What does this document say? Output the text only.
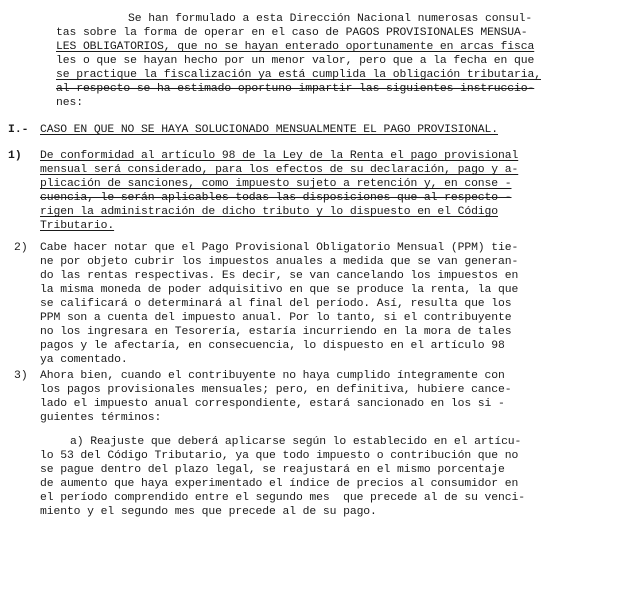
Se han formulado a esta Dirección Nacional numerosas consul-
tas sobre la forma de operar en el caso de PAGOS PROVISIONALES MENSUA-
LES OBLIGATORIOS, que no se hayan enterado oportunamente en arcas fisca
les o que se hayan hecho por un menor valor, pero que a la fecha en que
se practique la fiscalización ya está cumplida la obligación tributaria,
al respecto se ha estimado oportuno impartir las siguientes instruccio-
nes:
I.- CASO EN QUE NO SE HAYA SOLUCIONADO MENSUALMENTE EL PAGO PROVISIONAL.
1) De conformidad al artículo 98 de la Ley de la Renta el pago provisional
mensual será considerado, para los efectos de su declaración, pago y a-
plicación de sanciones, como impuesto sujeto a retención y, en conse -
cuencia, le serán aplicables todas las disposiciones que al respecto -
rigen la administración de dicho tributo y lo dispuesto en el Código
Tributario.
2) Cabe hacer notar que el Pago Provisional Obligatorio Mensual (PPM) tie-
ne por objeto cubrir los impuestos anuales a medida que se van generan-
do las rentas respectivas. Es decir, se van cancelando los impuestos en
la misma moneda de poder adquisitivo en que se produce la renta, la que
se calificará o determinará al final del período. Así, resulta que los
PPM son a cuenta del impuesto anual. Por lo tanto, si el contribuyente
no los ingresara en Tesorería, estaría incurriendo en la mora de tales
pagos y le afectaría, en consecuencia, lo dispuesto en el artículo 98
ya comentado.
3) Ahora bien, cuando el contribuyente no haya cumplido íntegramente con
los pagos provisionales mensuales; pero, en definitiva, hubiere cance-
lado el impuesto anual correspondiente, estará sancionado en los si -
guientes términos:
a) Reajuste que deberá aplicarse según lo establecido en el artícu-
lo 53 del Código Tributario, ya que todo impuesto o contribución que no
se pague dentro del plazo legal, se reajustará en el mismo porcentaje
de aumento que haya experimentado el índice de precios al consumidor en
el período comprendido entre el segundo mes  que precede al de su venci-
miento y el segundo mes que precede al de su pago.
